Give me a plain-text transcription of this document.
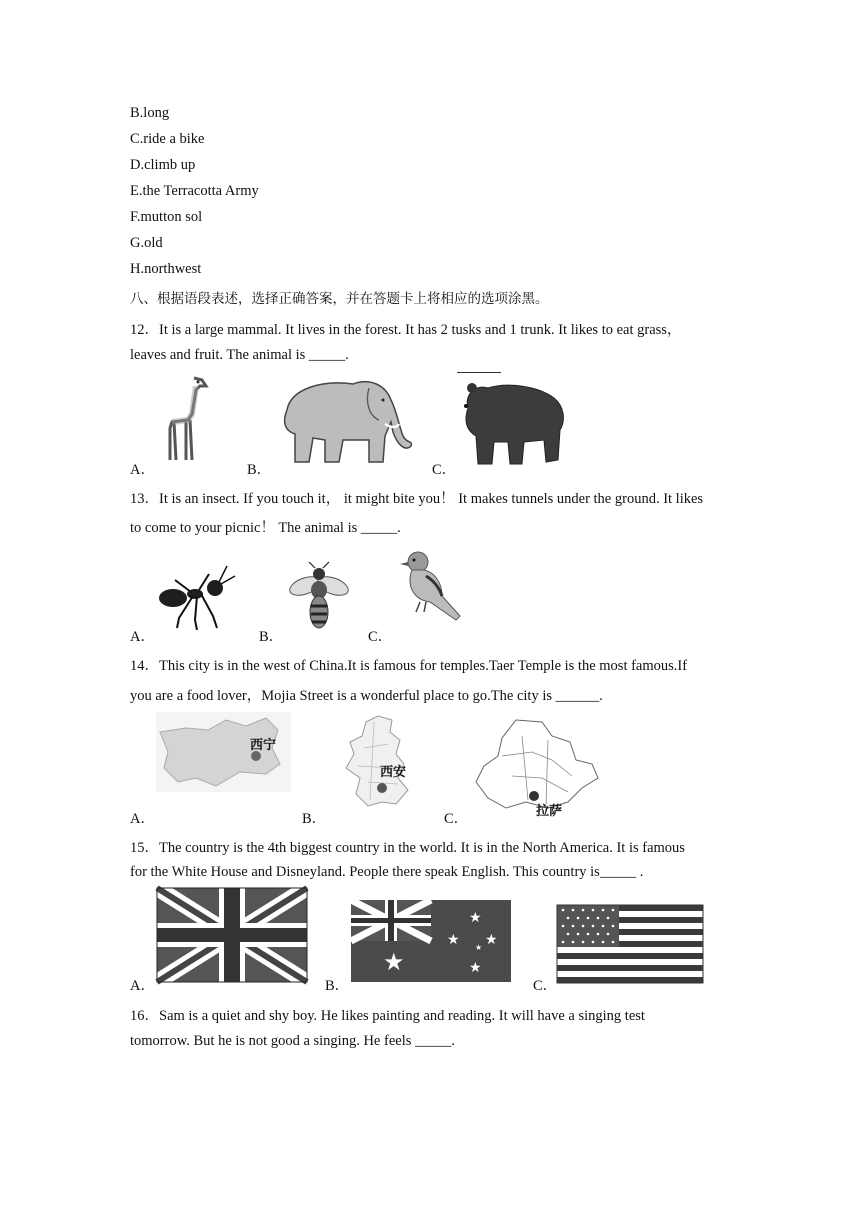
B.long
C.ride a bike
D.climb up
E.the Terracotta Army
F.mutton sol
G.old
H.northwest
八、根据语段表述，选择正确答案，并在答题卡上将相应的选项涂黑。
12．It is a large mammal. It lives in the forest. It has 2 tusks and 1 trunk. It likes to eat grass，
leaves and fruit. The animal is _____.
A．	B．	C．
13．It is an insect. If you touch it， it might bite you！ It makes tunnels under the ground. It likes
to come to your picnic！ The animal is _____.
A．	B．	C．
14．This city is in the west of China.It is famous for temples.Taer Temple is the most famous.If
you are a food lover，Mojia Street is a wonderful place to go.The city is ______.
西宁
A．	B．
西安
C．	拉萨
15．The country is the 4th biggest country in the world. It is in the North America. It is famous
for the White House and Disneyland. People there speak English. This country is_____ .
A．	B．
★	★
★
★
★
★
C．
16．Sam is a quiet and shy boy. He likes painting and reading. It will have a singing test
tomorrow. But he is not good a singing. He feels _____.
